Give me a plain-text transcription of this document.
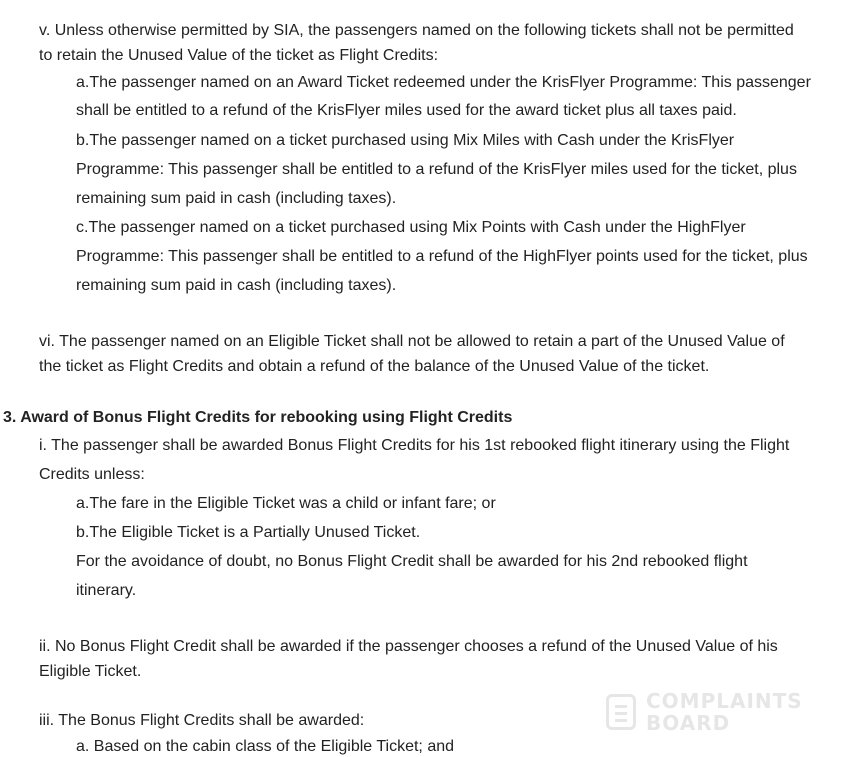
v. Unless otherwise permitted by SIA, the passengers named on the following tickets shall not be permitted
to retain the Unused Value of the ticket as Flight Credits:
a.The passenger named on an Award Ticket redeemed under the KrisFlyer Programme: This passenger
shall be entitled to a refund of the KrisFlyer miles used for the award ticket plus all taxes paid.
b.The passenger named on a ticket purchased using Mix Miles with Cash under the KrisFlyer
Programme: This passenger shall be entitled to a refund of the KrisFlyer miles used for the ticket, plus
remaining sum paid in cash (including taxes).
c.The passenger named on a ticket purchased using Mix Points with Cash under the HighFlyer
Programme: This passenger shall be entitled to a refund of the HighFlyer points used for the ticket, plus
remaining sum paid in cash (including taxes).
vi. The passenger named on an Eligible Ticket shall not be allowed to retain a part of the Unused Value of
the ticket as Flight Credits and obtain a refund of the balance of the Unused Value of the ticket.
3. Award of Bonus Flight Credits for rebooking using Flight Credits
i. The passenger shall be awarded Bonus Flight Credits for his 1st rebooked flight itinerary using the Flight
Credits unless:
a.The fare in the Eligible Ticket was a child or infant fare; or
b.The Eligible Ticket is a Partially Unused Ticket.
For the avoidance of doubt, no Bonus Flight Credit shall be awarded for his 2nd rebooked flight
itinerary.
ii. No Bonus Flight Credit shall be awarded if the passenger chooses a refund of the Unused Value of his
Eligible Ticket.
iii. The Bonus Flight Credits shall be awarded:
a. Based on the cabin class of the Eligible Ticket; and
COMPLAINTS
BOARD
